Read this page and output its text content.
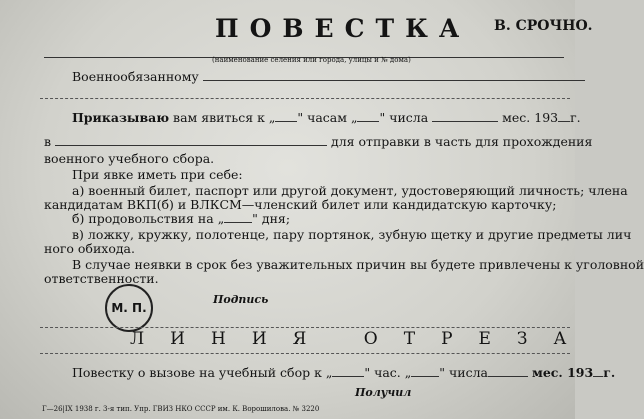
ПОВЕСТКА В. СРОЧНО.
(наименование селения или города, улицы и № дома)
Военнообязанному
Приказываю вам явиться к „ " часам „ " числа	мес. 193 г.
в	для отправки в часть для прохождения
военного учебного сбора.
При явке иметь при себе:
а) военный билет, паспорт или другой документ, удостоверяющий личность; члена
кандидатам ВКП(б) и ВЛКСМ—членский билет или кандидатскую карточку;
б) продовольствия на „ " дня;
в) ложку, кружку, полотенце, пару портянок, зубную щетку и другие предметы лич
ного обихода.
В случае неявки в срок без уважительных причин вы будете привлечены к уголовной
ответственности.
М. П.
Подпись
ЛИНИЯ ОТРЕЗА
Повестку о вызове на учебный сбор к „	" час. „ " числа	мес. 193 г.
Получил
Г—26|IX 1938 г. 3-я тип. Упр. ГВИЗ НКО СССР им. К. Ворошилова. № 3220
